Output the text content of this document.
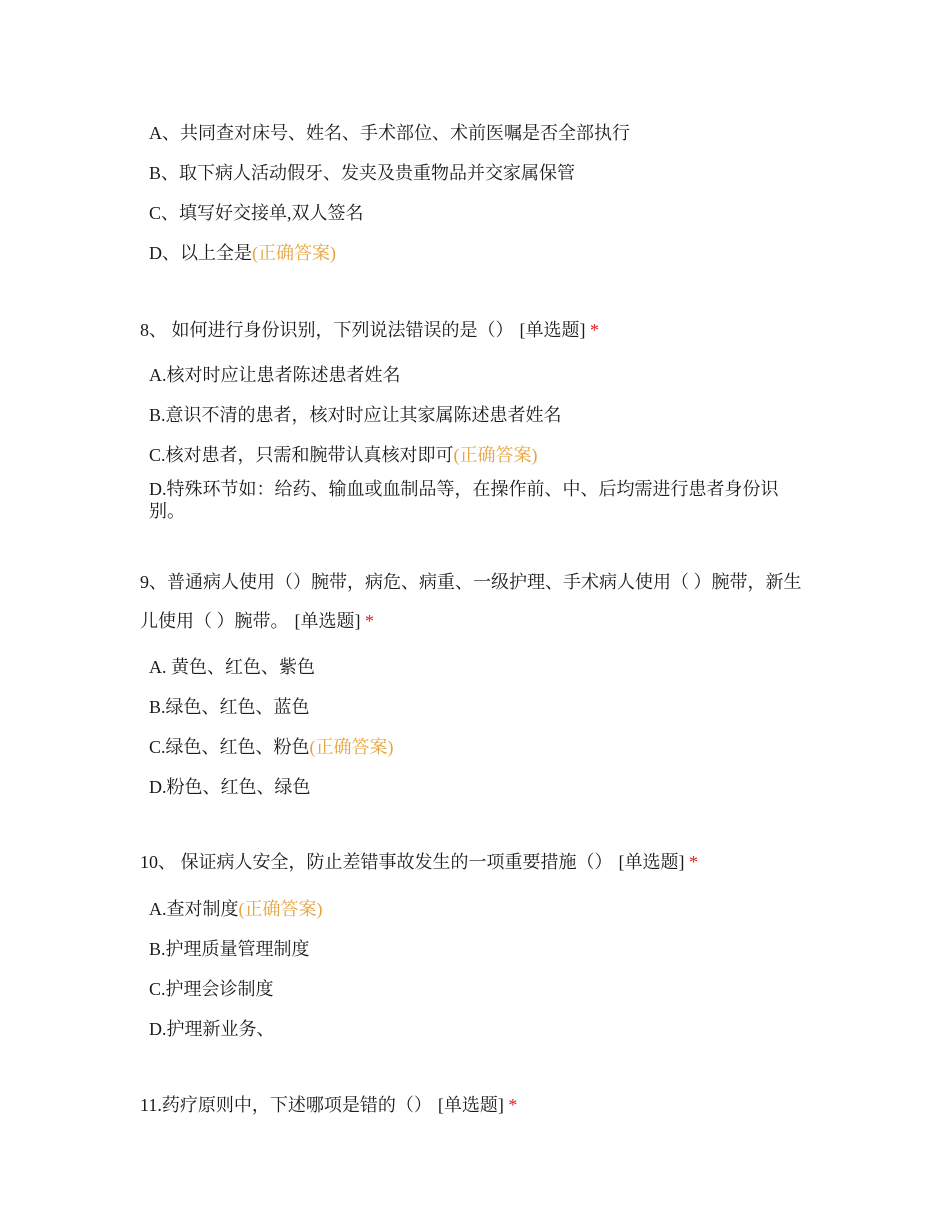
A、共同查对床号、姓名、手术部位、术前医嘱是否全部执行
B、取下病人活动假牙、发夹及贵重物品并交家属保管
C、填写好交接单,双人签名
D、以上全是(正确答案)
8、 如何进行身份识别，下列说法错误的是（） [单选题] *
A.核对时应让患者陈述患者姓名
B.意识不清的患者，核对时应让其家属陈述患者姓名
C.核对患者，只需和腕带认真核对即可(正确答案)
D.特殊环节如：给药、输血或血制品等，在操作前、中、后均需进行患者身份识别。
9、普通病人使用（）腕带，病危、病重、一级护理、手术病人使用（ ）腕带，新生儿使用（ ）腕带。 [单选题] *
A. 黄色、红色、紫色
B.绿色、红色、蓝色
C.绿色、红色、粉色(正确答案)
D.粉色、红色、绿色
10、 保证病人安全，防止差错事故发生的一项重要措施（） [单选题] *
A.查对制度(正确答案)
B.护理质量管理制度
C.护理会诊制度
D.护理新业务、
11.药疗原则中，下述哪项是错的（） [单选题] *
